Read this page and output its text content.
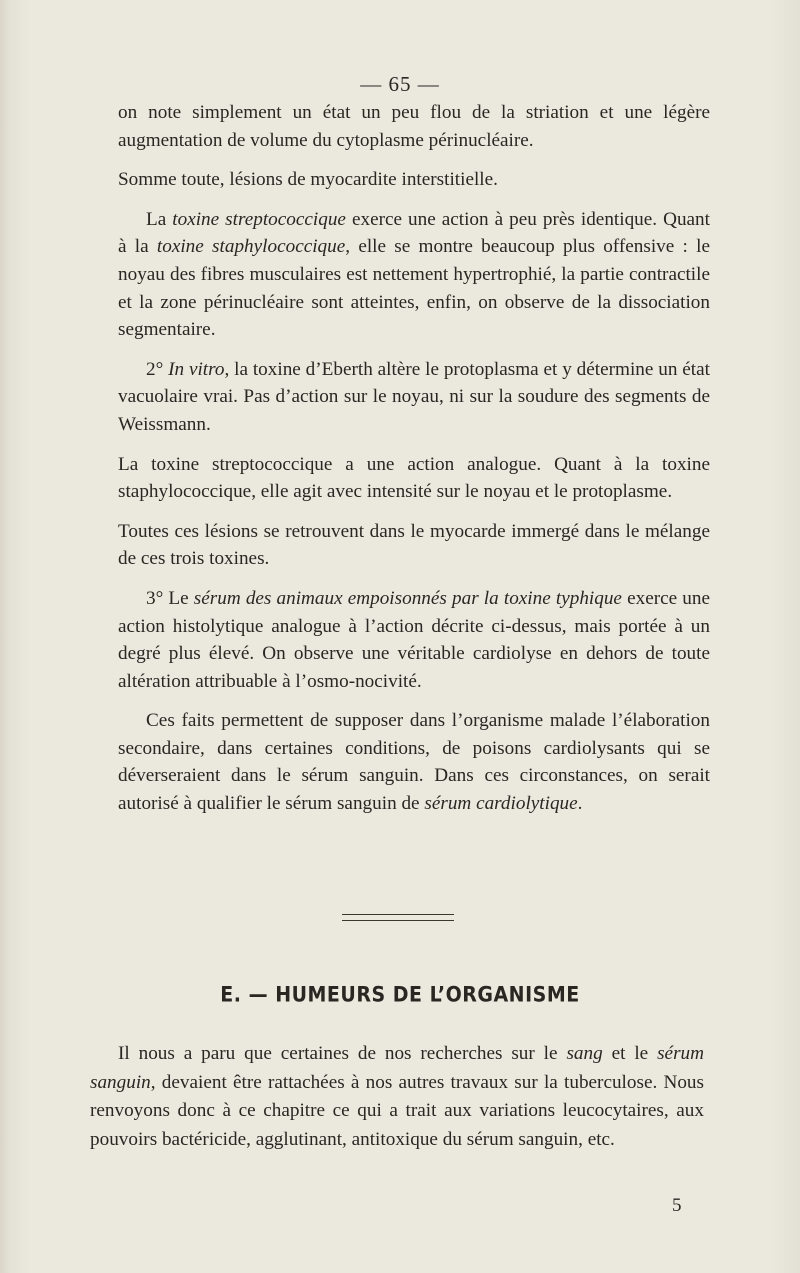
— 65 —

on note simplement un état un peu flou de la striation et une légère augmentation de volume du cytoplasme périnucléaire.

Somme toute, lésions de myocardite interstitielle.

La toxine streptococcique exerce une action à peu près identique. Quant à la toxine staphylococcique, elle se montre beaucoup plus offensive : le noyau des fibres musculaires est nettement hypertrophié, la partie contractile et la zone périnucléaire sont atteintes, enfin, on observe de la dissociation segmentaire.

2° In vitro, la toxine d’Eberth altère le protoplasma et y détermine un état vacuolaire vrai. Pas d’action sur le noyau, ni sur la soudure des segments de Weissmann.

La toxine streptococcique a une action analogue. Quant à la toxine staphylococcique, elle agit avec intensité sur le noyau et le protoplasme.

Toutes ces lésions se retrouvent dans le myocarde immergé dans le mélange de ces trois toxines.

3° Le sérum des animaux empoisonnés par la toxine typhique exerce une action histolytique analogue à l’action décrite ci-dessus, mais portée à un degré plus élevé. On observe une véritable cardiolyse en dehors de toute altération attribuable à l’osmo-nocivité.

Ces faits permettent de supposer dans l’organisme malade l’élaboration secondaire, dans certaines conditions, de poisons cardiolysants qui se déverseraient dans le sérum sanguin. Dans ces circonstances, on serait autorisé à qualifier le sérum sanguin de sérum cardiolytique.

E. — HUMEURS DE L’ORGANISME

Il nous a paru que certaines de nos recherches sur le sang et le sérum sanguin, devaient être rattachées à nos autres travaux sur la tuberculose. Nous renvoyons donc à ce chapitre ce qui a trait aux variations leucocytaires, aux pouvoirs bactéricide, agglutinant, antitoxique du sérum sanguin, etc.

5
